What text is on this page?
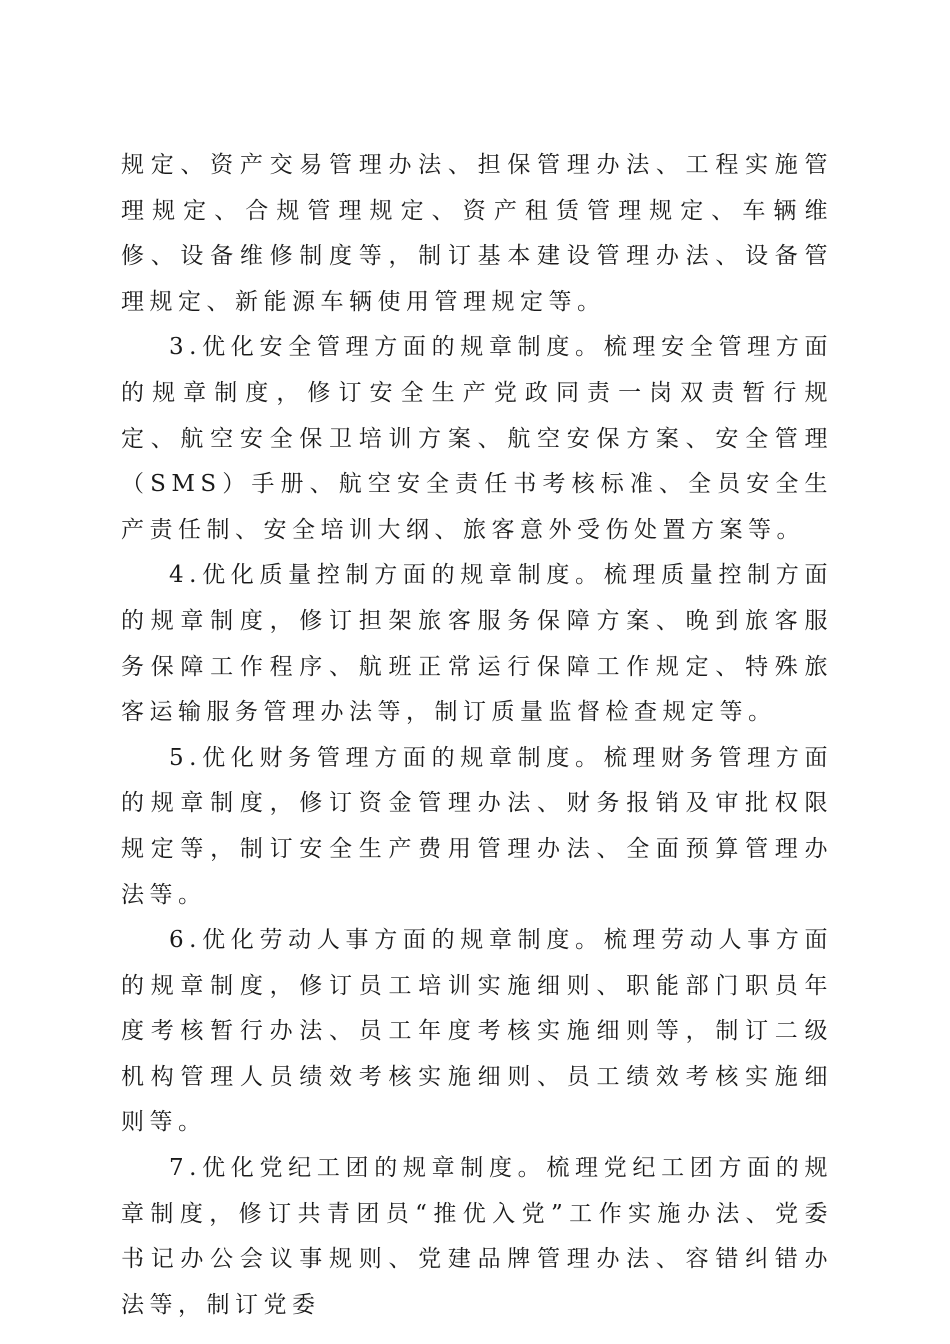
规定、资产交易管理办法、担保管理办法、工程实施管理规定、合规管理规定、资产租赁管理规定、车辆维修、设备维修制度等，制订基本建设管理办法、设备管理规定、新能源车辆使用管理规定等。

3.优化安全管理方面的规章制度。梳理安全管理方面的规章制度，修订安全生产党政同责一岗双责暂行规定、航空安全保卫培训方案、航空安保方案、安全管理（SMS）手册、航空安全责任书考核标准、全员安全生产责任制、安全培训大纲、旅客意外受伤处置方案等。

4.优化质量控制方面的规章制度。梳理质量控制方面的规章制度，修订担架旅客服务保障方案、晚到旅客服务保障工作程序、航班正常运行保障工作规定、特殊旅客运输服务管理办法等，制订质量监督检查规定等。

5.优化财务管理方面的规章制度。梳理财务管理方面的规章制度，修订资金管理办法、财务报销及审批权限规定等，制订安全生产费用管理办法、全面预算管理办法等。

6.优化劳动人事方面的规章制度。梳理劳动人事方面的规章制度，修订员工培训实施细则、职能部门职员年度考核暂行办法、员工年度考核实施细则等，制订二级机构管理人员绩效考核实施细则、员工绩效考核实施细则等。

7.优化党纪工团的规章制度。梳理党纪工团方面的规章制度，修订共青团员“推优入党”工作实施办法、党委书记办公会议事规则、党建品牌管理办法、容错纠错办法等，制订党委
